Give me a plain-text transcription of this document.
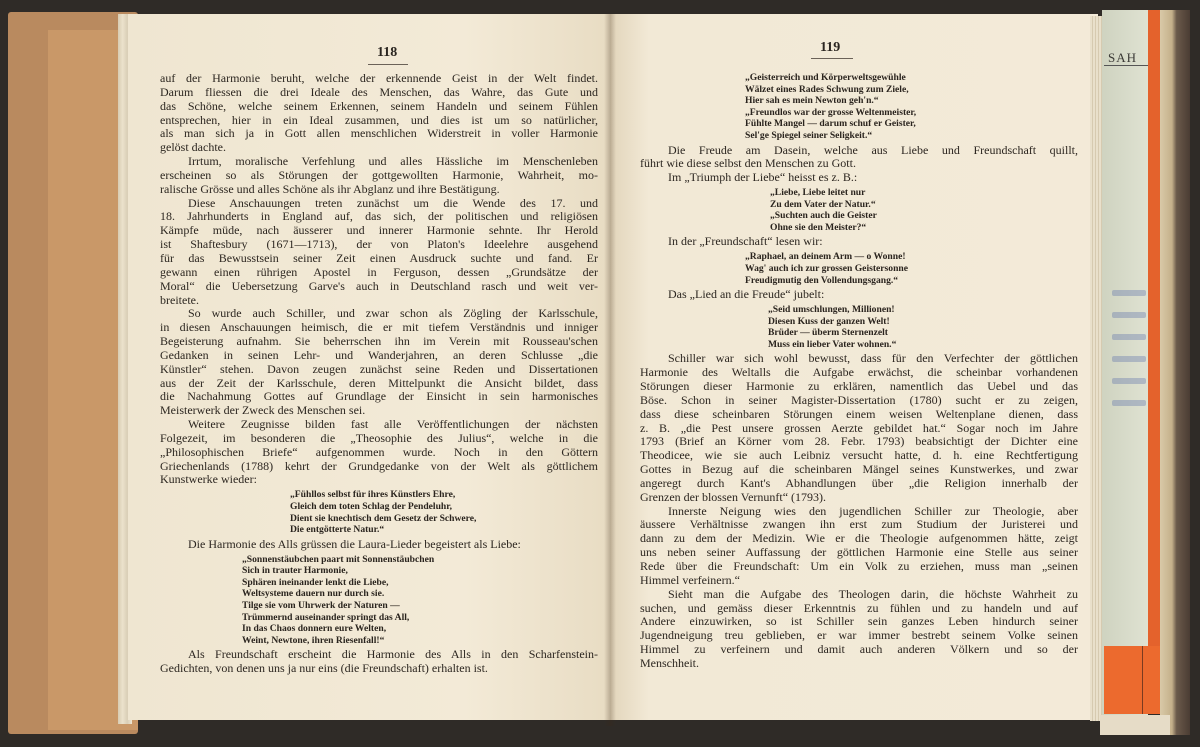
118	119
auf der Harmonie beruht, welche der erkennende Geist in der Welt findet.
Darum fliessen die drei Ideale des Menschen, das Wahre, das Gute und
das Schöne, welche seinem Erkennen, seinem Handeln und seinem Fühlen
entsprechen, hier in ein Ideal zusammen, und dies ist um so natürlicher,
als man sich ja in Gott allen menschlichen Widerstreit in voller Harmonie
gelöst dachte.
Irrtum, moralische Verfehlung und alles Hässliche im Menschenleben
erscheinen so als Störungen der gottgewollten Harmonie, Wahrheit, mo-
ralische Grösse und alles Schöne als ihr Abglanz und ihre Bestätigung.
Diese Anschauungen treten zunächst um die Wende des 17. und
18. Jahrhunderts in England auf, das sich, der politischen und religiösen
Kämpfe müde, nach äusserer und innerer Harmonie sehnte. Ihr Herold
ist Shaftesbury (1671—1713), der von Platon's Ideelehre ausgehend
für das Bewusstsein seiner Zeit einen Ausdruck suchte und fand. Er
gewann einen rührigen Apostel in Ferguson, dessen „Grundsätze der
Moral“ die Uebersetzung Garve's auch in Deutschland rasch und weit ver-
breitete.
So wurde auch Schiller, und zwar schon als Zögling der Karlsschule,
in diesen Anschauungen heimisch, die er mit tiefem Verständnis und inniger
Begeisterung aufnahm. Sie beherrschen ihn im Verein mit Rousseau'schen
Gedanken in seinen Lehr- und Wanderjahren, an deren Schlusse „die
Künstler“ stehen. Davon zeugen zunächst seine Reden und Dissertationen
aus der Zeit der Karlsschule, deren Mittelpunkt die Ansicht bildet, dass
die Nachahmung Gottes auf Grundlage der Einsicht in sein harmonisches
Meisterwerk der Zweck des Menschen sei.
Weitere Zeugnisse bilden fast alle Veröffentlichungen der nächsten
Folgezeit, im besonderen die „Theosophie des Julius“, welche in die
„Philosophischen Briefe“ aufgenommen wurde. Noch in den Göttern
Griechenlands (1788) kehrt der Grundgedanke von der Welt als göttlichem
Kunstwerke wieder:
„Fühllos selbst für ihres Künstlers Ehre,
Gleich dem toten Schlag der Pendeluhr,
Dient sie knechtisch dem Gesetz der Schwere,
Die entgötterte Natur.“
Die Harmonie des Alls grüssen die Laura-Lieder begeistert als Liebe:
„Sonnenstäubchen paart mit Sonnenstäubchen
Sich in trauter Harmonie,
Sphären ineinander lenkt die Liebe,
Weltsysteme dauern nur durch sie.
Tilge sie vom Uhrwerk der Naturen —
Trümmernd auseinander springt das All,
In das Chaos donnern eure Welten,
Weint, Newtone, ihren Riesenfall!“
Als Freundschaft erscheint die Harmonie des Alls in den Scharfenstein-
Gedichten, von denen uns ja nur eins (die Freundschaft) erhalten ist.
„Geisterreich und Körperweltsgewühle
Wälzet eines Rades Schwung zum Ziele,
Hier sah es mein Newton geh'n.“
„Freundlos war der grosse Weltenmeister,
Fühlte Mangel — darum schuf er Geister,
Sel'ge Spiegel seiner Seligkeit.“
Die Freude am Dasein, welche aus Liebe und Freundschaft quillt,
führt wie diese selbst den Menschen zu Gott.
Im „Triumph der Liebe“ heisst es z. B.:
„Liebe, Liebe leitet nur
Zu dem Vater der Natur.“
„Suchten auch die Geister
Ohne sie den Meister?“
In der „Freundschaft“ lesen wir:
„Raphael, an deinem Arm — o Wonne!
Wag' auch ich zur grossen Geistersonne
Freudigmutig den Vollendungsgang.“
Das „Lied an die Freude“ jubelt:
„Seid umschlungen, Millionen!
Diesen Kuss der ganzen Welt!
Brüder — überm Sternenzelt
Muss ein lieber Vater wohnen.“
Schiller war sich wohl bewusst, dass für den Verfechter der göttlichen
Harmonie des Weltalls die Aufgabe erwächst, die scheinbar vorhandenen
Störungen dieser Harmonie zu erklären, namentlich das Uebel und das
Böse. Schon in seiner Magister-Dissertation (1780) sucht er zu zeigen,
dass diese scheinbaren Störungen einem weisen Weltenplane dienen, dass
z. B. „die Pest unsere grossen Aerzte gebildet hat.“ Sogar noch im Jahre
1793 (Brief an Körner vom 28. Febr. 1793) beabsichtigt der Dichter eine
Theodicee, wie sie auch Leibniz versucht hatte, d. h. eine Rechtfertigung
Gottes in Bezug auf die scheinbaren Mängel seines Kunstwerkes, und zwar
angeregt durch Kant's Abhandlungen über „die Religion innerhalb der
Grenzen der blossen Vernunft“ (1793).
Innerste Neigung wies den jugendlichen Schiller zur Theologie, aber
äussere Verhältnisse zwangen ihn erst zum Studium der Juristerei und
dann zu dem der Medizin. Wie er die Theologie aufgenommen hätte, zeigt
uns neben seiner Auffassung der göttlichen Harmonie eine Stelle aus seiner
Rede über die Freundschaft: Um ein Volk zu erziehen, muss man „seinen
Himmel verfeinern.“
Sieht man die Aufgabe des Theologen darin, die höchste Wahrheit zu
suchen, und gemäss dieser Erkenntnis zu fühlen und zu handeln und auf
Andere einzuwirken, so ist Schiller sein ganzes Leben hindurch seiner
Jugendneigung treu geblieben, er war immer bestrebt seinem Volke seinen
Himmel zu verfeinern und damit auch anderen Völkern und so der
Menschheit.
SAH
